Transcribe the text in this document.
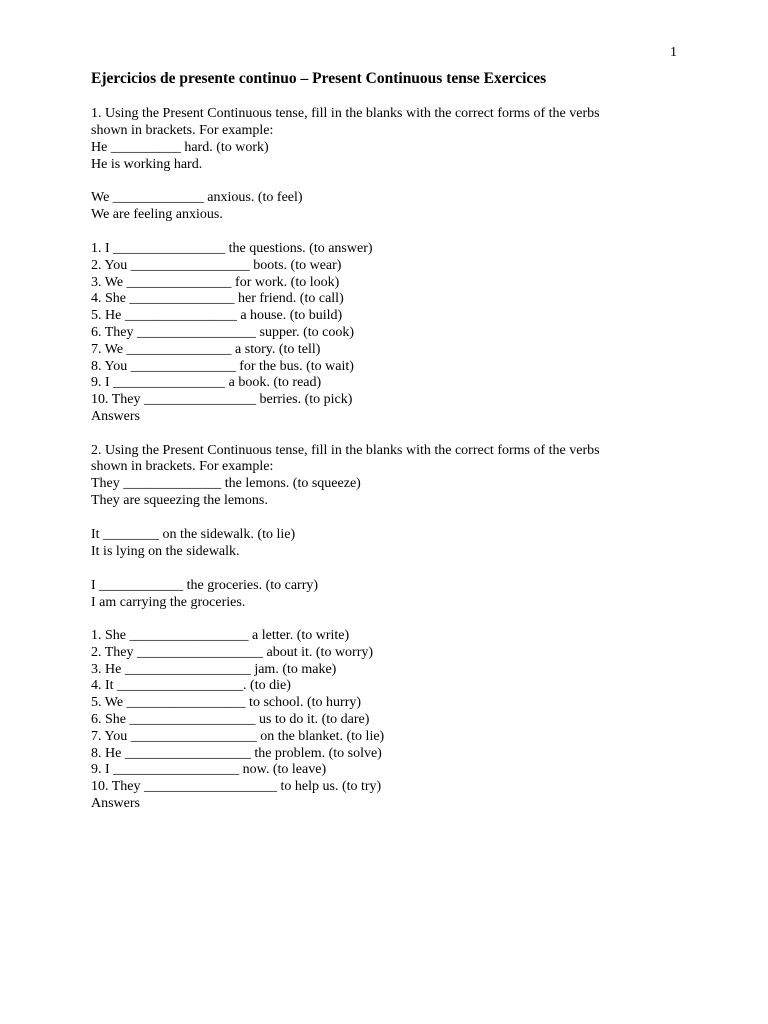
1
Ejercicios de presente continuo – Present Continuous tense Exercices
1. Using the Present Continuous tense, fill in the blanks with the correct forms of the verbs
shown in brackets. For example:
He __________ hard. (to work)
He is working hard.
We _____________ anxious. (to feel)
We are feeling anxious.
1. I ________________ the questions. (to answer)
2. You _________________ boots. (to wear)
3. We _______________ for work. (to look)
4. She _______________ her friend. (to call)
5. He ________________ a house. (to build)
6. They _________________ supper. (to cook)
7. We _______________ a story. (to tell)
8. You _______________ for the bus. (to wait)
9. I ________________ a book. (to read)
10. They ________________ berries. (to pick)
Answers
2. Using the Present Continuous tense, fill in the blanks with the correct forms of the verbs
shown in brackets. For example:
They ______________ the lemons. (to squeeze)
They are squeezing the lemons.
It ________ on the sidewalk. (to lie)
It is lying on the sidewalk.
I ____________ the groceries. (to carry)
I am carrying the groceries.
1. She _________________ a letter. (to write)
2. They __________________ about it. (to worry)
3. He __________________ jam. (to make)
4. It __________________. (to die)
5. We _________________ to school. (to hurry)
6. She __________________ us to do it. (to dare)
7. You __________________ on the blanket. (to lie)
8. He __________________ the problem. (to solve)
9. I __________________ now. (to leave)
10. They ___________________ to help us. (to try)
Answers
